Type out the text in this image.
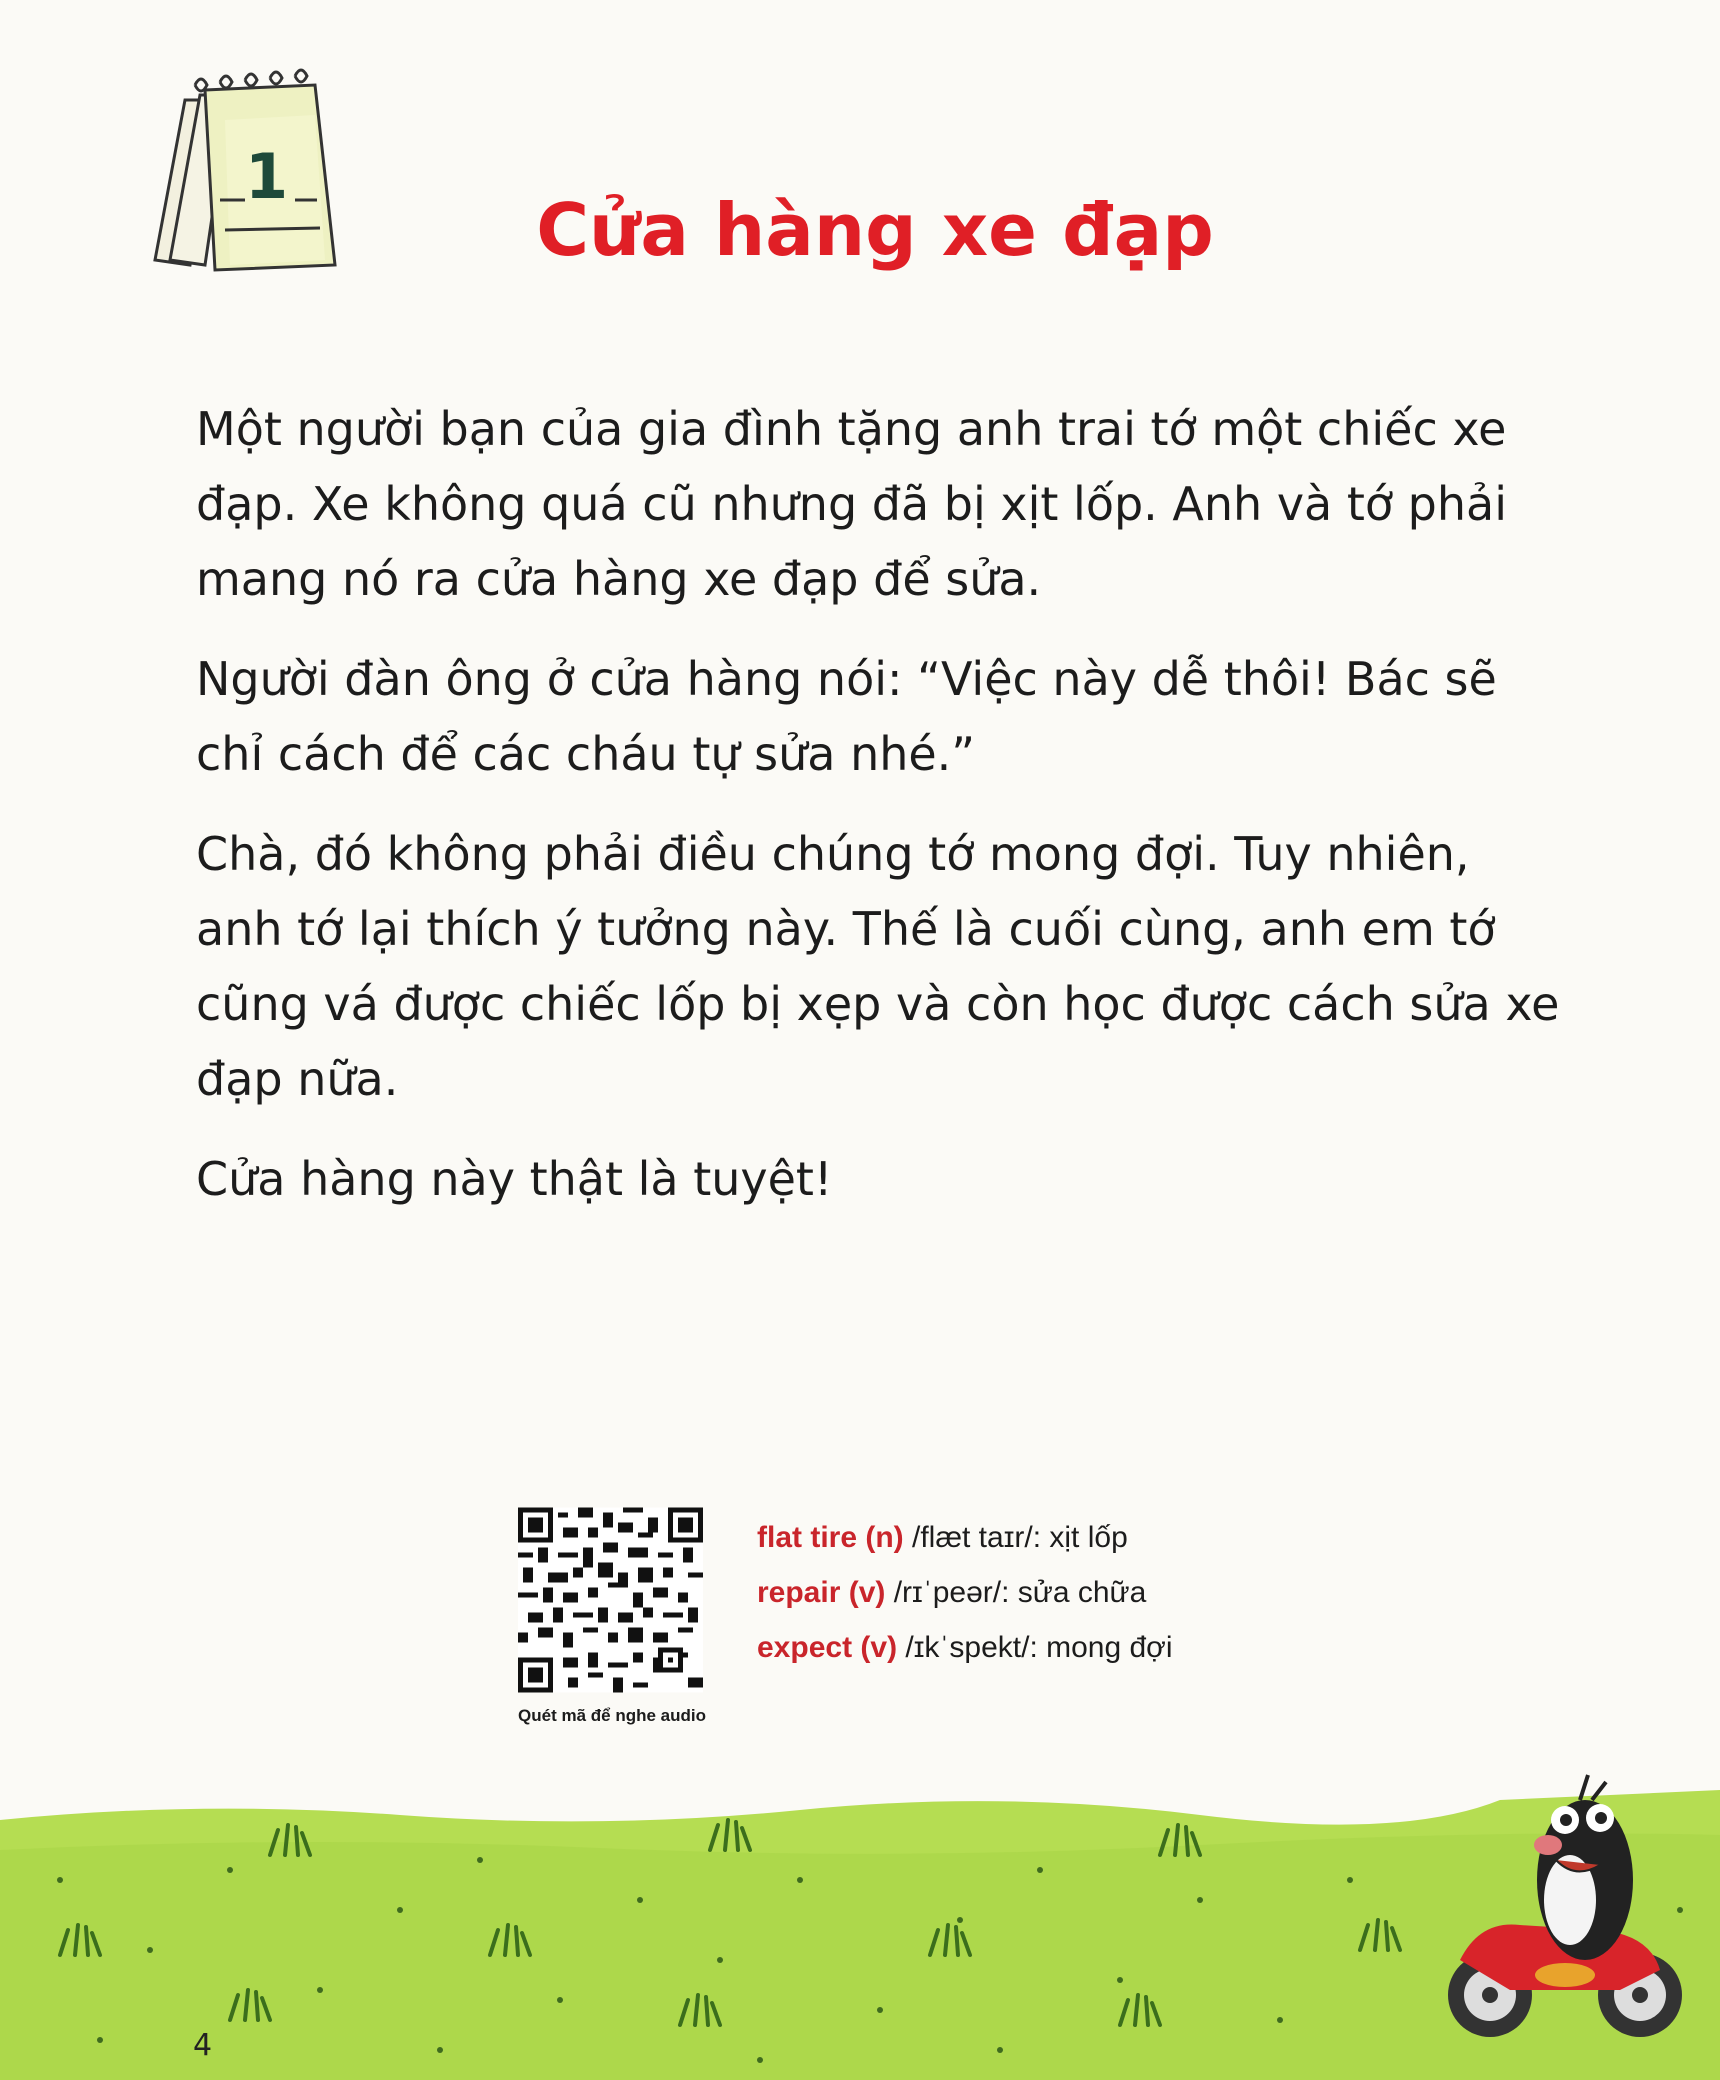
1
Cửa hàng xe đạp

Một người bạn của gia đình tặng anh trai tớ một chiếc xe đạp. Xe không quá cũ nhưng đã bị xịt lốp. Anh và tớ phải mang nó ra cửa hàng xe đạp để sửa.

Người đàn ông ở cửa hàng nói: “Việc này dễ thôi! Bác sẽ chỉ cách để các cháu tự sửa nhé.”

Chà, đó không phải điều chúng tớ mong đợi. Tuy nhiên, anh tớ lại thích ý tưởng này. Thế là cuối cùng, anh em tớ cũng vá được chiếc lốp bị xẹp và còn học được cách sửa xe đạp nữa.

Cửa hàng này thật là tuyệt!

Quét mã để nghe audio
flat tire (n) /flæt taɪr/: xịt lốp
repair (v) /rɪˈpeər/: sửa chữa
expect (v) /ɪkˈspekt/: mong đợi
4
